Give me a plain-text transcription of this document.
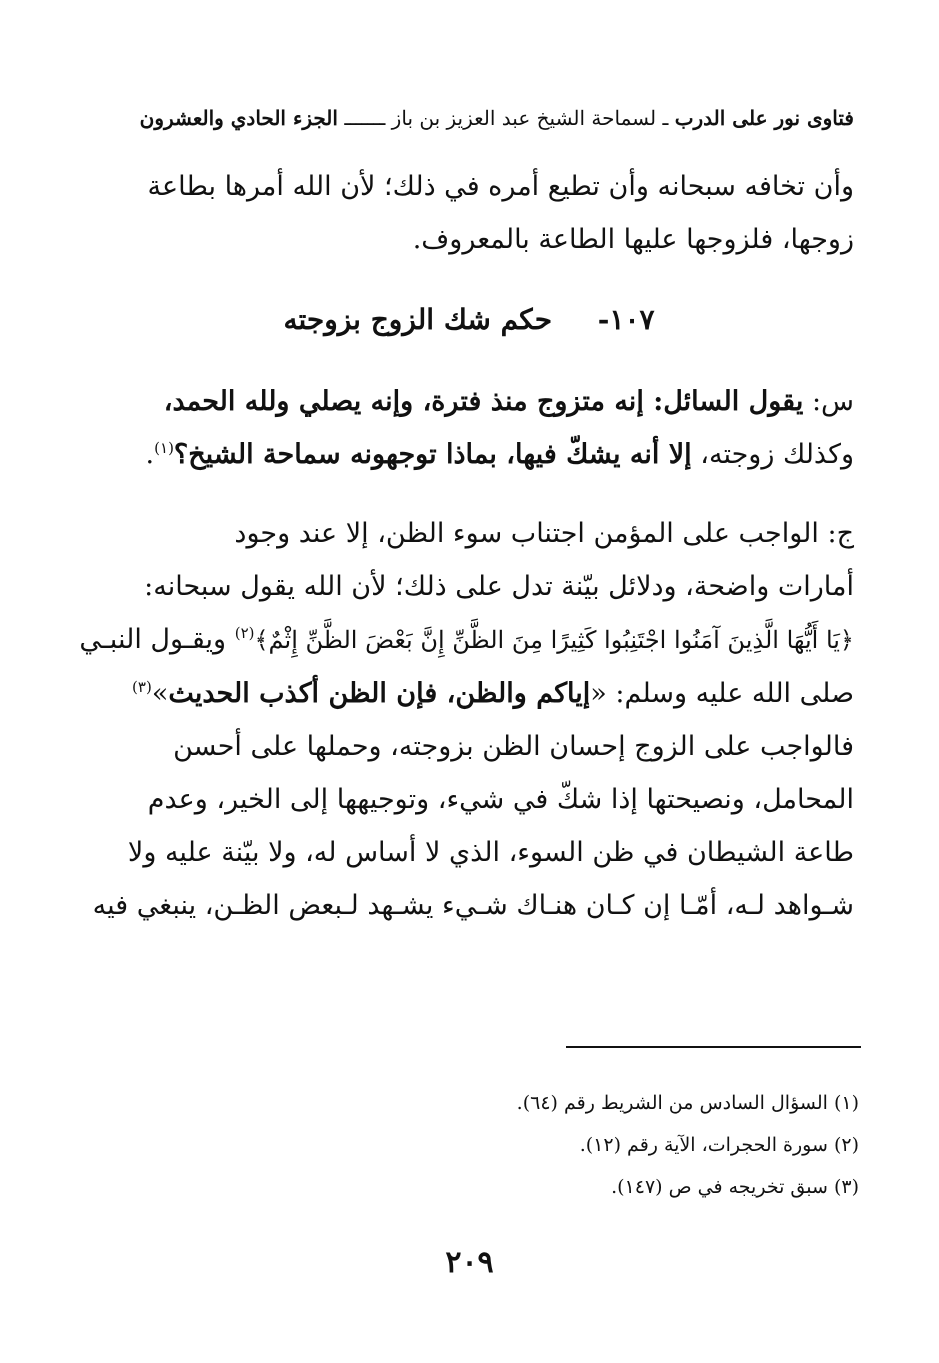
فتاوى نور على الدرب ـ لسماحة الشيخ عبد العزيز بن باز ـــــــ الجزء الحادي والعشرون
وأن تخافه سبحانه وأن تطيع أمره في ذلك؛ لأن الله أمرها بطاعة
زوجها، فلزوجها عليها الطاعة بالمعروف.
١٠٧- حكم شك الزوج بزوجته
س: يقول السائل: إنه متزوج منذ فترة، وإنه يصلي ولله الحمد،
وكذلك زوجته، إلا أنه يشكّ فيها، بماذا توجهونه سماحة الشيخ؟$^{(١)}$.
ج: الواجب على المؤمن اجتناب سوء الظن، إلا عند وجود
أمارات واضحة، ودلائل بيّنة تدل على ذلك؛ لأن الله يقول سبحانه:
﴿يَا أَيُّهَا الَّذِينَ آمَنُوا اجْتَنِبُوا كَثِيرًا مِنَ الظَّنِّ إِنَّ بَعْضَ الظَّنِّ إِثْمٌ﴾$^{(٢)}$ ويقـول النبـي
صلى الله عليه وسلم: «إياكم والظن، فإن الظن أكذب الحديث»$^{(٣)}$
فالواجب على الزوج إحسان الظن بزوجته، وحملها على أحسن
المحامل، ونصيحتها إذا شكّ في شيء، وتوجيهها إلى الخير، وعدم
طاعة الشيطان في ظن السوء، الذي لا أساس له، ولا بيّنة عليه ولا
شـواهد لـه، أمّـا إن كـان هنـاك شـيء يشـهد لـبعض الظـن، ينبغي فيه
(١) السؤال السادس من الشريط رقم (٦٤).
(٢) سورة الحجرات، الآية رقم (١٢).
(٣) سبق تخريجه في ص (١٤٧).
٢٠٩
